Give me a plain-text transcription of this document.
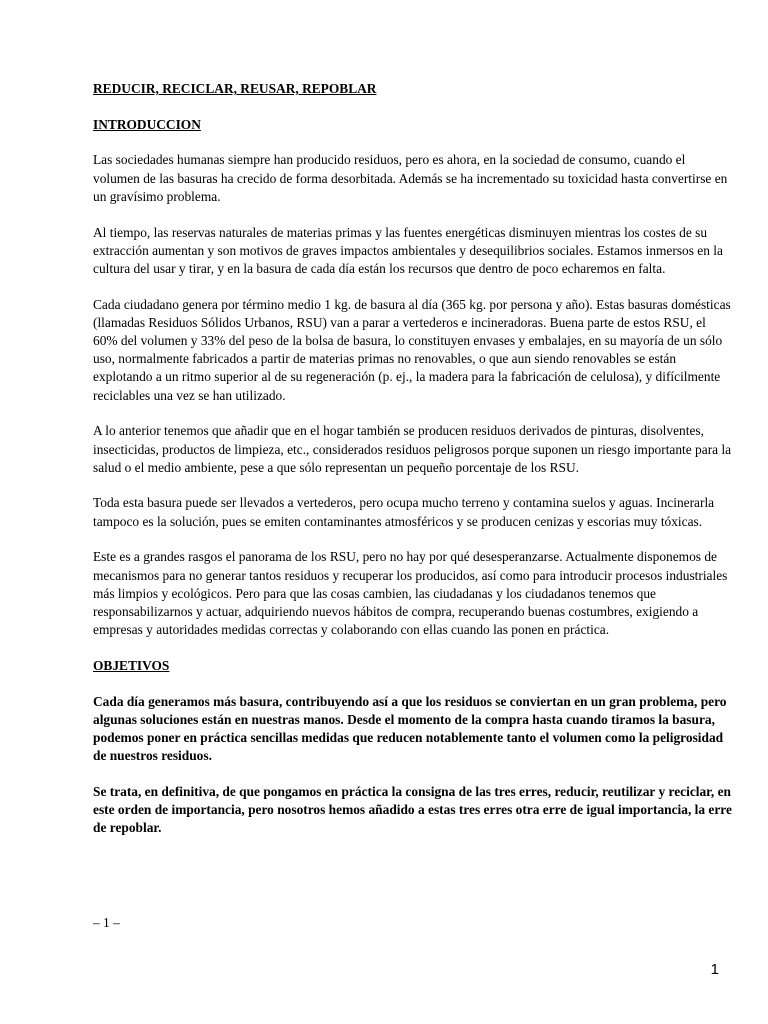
REDUCIR, RECICLAR, REUSAR, REPOBLAR
INTRODUCCION

Las sociedades humanas siempre han producido residuos, pero es ahora, en la sociedad de consumo, cuando el volumen de las basuras ha crecido de forma desorbitada. Además se ha incrementado su toxicidad hasta convertirse en un gravísimo problema.

Al tiempo, las reservas naturales de materias primas y las fuentes energéticas disminuyen mientras los costes de su extracción aumentan y son motivos de graves impactos ambientales y desequilibrios sociales. Estamos inmersos en la cultura del usar y tirar, y en la basura de cada día están los recursos que dentro de poco echaremos en falta.

Cada ciudadano genera por término medio 1 kg. de basura al día (365 kg. por persona y año). Estas basuras domésticas (llamadas Residuos Sólidos Urbanos, RSU) van a parar a vertederos e incineradoras. Buena parte de estos RSU, el 60% del volumen y 33% del peso de la bolsa de basura, lo constituyen envases y embalajes, en su mayoría de un sólo uso, normalmente fabricados a partir de materias primas no renovables, o que aun siendo renovables se están explotando a un ritmo superior al de su regeneración (p. ej., la madera para la fabricación de celulosa), y difícilmente reciclables una vez se han utilizado.

A lo anterior tenemos que añadir que en el hogar también se producen residuos derivados de pinturas, disolventes, insecticidas, productos de limpieza, etc., considerados residuos peligrosos porque suponen un riesgo importante para la salud o el medio ambiente, pese a que sólo representan un pequeño porcentaje de los RSU.

Toda esta basura puede ser llevados a vertederos, pero ocupa mucho terreno y contamina suelos y aguas. Incinerarla tampoco es la solución, pues se emiten contaminantes atmosféricos y se producen cenizas y escorias muy tóxicas.

Este es a grandes rasgos el panorama de los RSU, pero no hay por qué desesperanzarse. Actualmente disponemos de mecanismos para no generar tantos residuos y recuperar los producidos, así como para introducir procesos industriales más limpios y ecológicos. Pero para que las cosas cambien, las ciudadanas y los ciudadanos tenemos que responsabilizarnos y actuar, adquiriendo nuevos hábitos de compra, recuperando buenas costumbres, exigiendo a empresas y autoridades medidas correctas y colaborando con ellas cuando las ponen en práctica.

OBJETIVOS

Cada día generamos más basura, contribuyendo así a que los residuos se conviertan en un gran problema, pero algunas soluciones están en nuestras manos. Desde el momento de la compra hasta cuando tiramos la basura, podemos poner en práctica sencillas medidas que reducen notablemente tanto el volumen como la peligrosidad de nuestros residuos.

Se trata, en definitiva, de que pongamos en práctica la consigna de las tres erres, reducir, reutilizar y reciclar, en este orden de importancia, pero nosotros hemos añadido a estas tres erres otra erre de igual importancia, la erre de repoblar.

– 1 –
1
